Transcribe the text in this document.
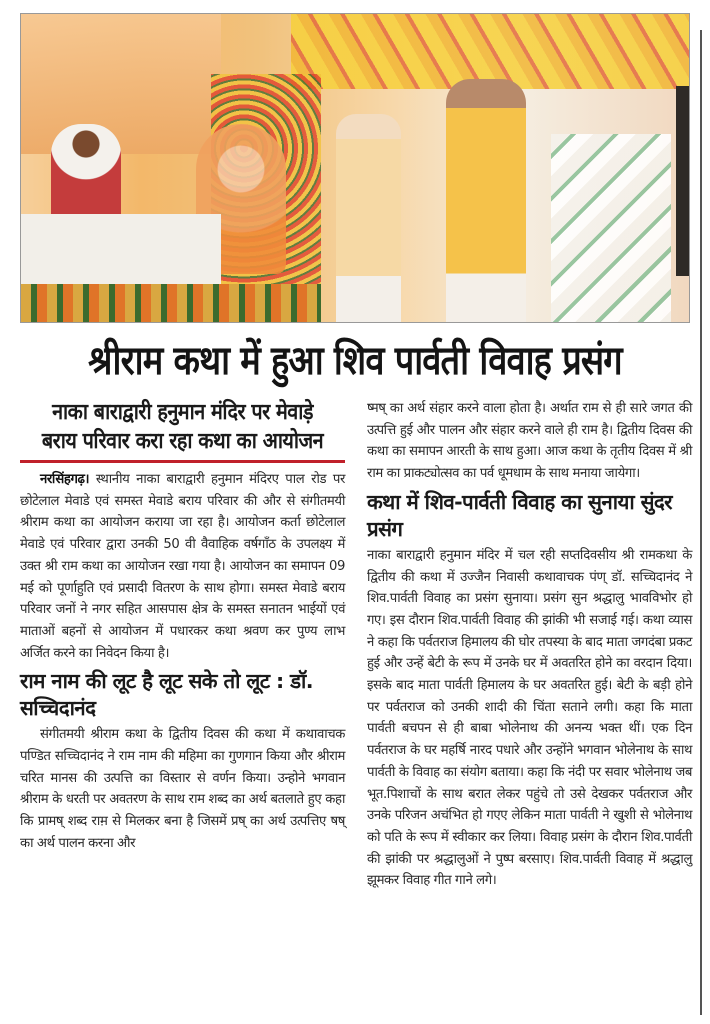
श्रीराम कथा में हुआ शिव पार्वती विवाह प्रसंग
नाका बाराद्वारी हनुमान मंदिर पर मेवाड़े बराय परिवार करा रहा कथा का आयोजन

नरसिंहगढ़। स्थानीय नाका बाराद्वारी हनुमान मंदिरए पाल रोड पर छोटेलाल मेवाडे एवं समस्त मेवाडे बराय परिवार की और से संगीतमयी श्रीराम कथा का आयोजन कराया जा रहा है। आयोजन कर्ता छोटेलाल मेवाडे एवं परिवार द्वारा उनकी 50 वी वैवाहिक वर्षगाँठ के उपलक्ष्य में उक्त श्री राम कथा का आयोजन रखा गया है। आयोजन का समापन 09 मई को पूर्णाहुति एवं प्रसादी वितरण के साथ होगा। समस्त मेवाडे बराय परिवार जनों ने नगर सहित आसपास क्षेत्र के समस्त सनातन भाईयों एवं माताओं बहनों से आयोजन में पधारकर कथा श्रवण कर पुण्य लाभ अर्जित करने का निवेदन किया है।

राम नाम की लूट है लूट सके तो लूट : डॉ. सच्चिदानंद

संगीतमयी श्रीराम कथा के द्वितीय दिवस की कथा में कथावाचक पण्डित सच्चिदानंद ने राम नाम की महिमा का गुणगान किया और श्रीराम चरित मानस की उत्पत्ति का विस्तार से वर्णन किया। उन्होने भगवान श्रीराम के धरती पर अवतरण के साथ राम शब्द का अर्थ बतलाते हुए कहा कि प्रामष् शब्द राम़ से मिलकर बना है जिसमें प्रष् का अर्थ उत्पत्तिए षष् का अर्थ पालन करना और

ष्मष् का अर्थ संहार करने वाला होता है। अर्थात राम से ही सारे जगत की उत्पत्ति हुई और पालन और संहार करने वाले ही राम है। द्वितीय दिवस की कथा का समापन आरती के साथ हुआ। आज कथा के तृतीय दिवस में श्री राम का प्राकट्योत्सव का पर्व धूमधाम के साथ मनाया जायेगा।

कथा में शिव-पार्वती विवाह का सुनाया सुंदर प्रसंग

नाका बाराद्वारी हनुमान मंदिर में चल रही सप्तदिवसीय श्री रामकथा के द्वितीय की कथा में उज्जैन निवासी कथावाचक पंण् डॉ. सच्चिदानंद ने शिव.पार्वती विवाह का प्रसंग सुनाया। प्रसंग सुन श्रद्धालु भावविभोर हो गए। इस दौरान शिव.पार्वती विवाह की झांकी भी सजाई गई। कथा व्यास ने कहा कि पर्वतराज हिमालय की घोर तपस्या के बाद माता जगदंबा प्रकट हुई और उन्हें बेटी के रूप में उनके घर में अवतरित होने का वरदान दिया। इसके बाद माता पार्वती हिमालय के घर अवतरित हुई। बेटी के बड़ी होने पर पर्वतराज को उनकी शादी की चिंता सताने लगी। कहा कि माता पार्वती बचपन से ही बाबा भोलेनाथ की अनन्य भक्त थीं। एक दिन पर्वतराज के घर महर्षि नारद पधारे और उन्होंने भगवान भोलेनाथ के साथ पार्वती के विवाह का संयोग बताया। कहा कि नंदी पर सवार भोलेनाथ जब भूत.पिशाचों के साथ बरात लेकर पहुंचे तो उसे देखकर पर्वतराज और उनके परिजन अचंभित हो गएए लेकिन माता पार्वती ने खुशी से भोलेनाथ को पति के रूप में स्वीकार कर लिया। विवाह प्रसंग के दौरान शिव.पार्वती की झांकी पर श्रद्धालुओं ने पुष्प बरसाए। शिव.पार्वती विवाह में श्रद्धालु झूमकर विवाह गीत गाने लगे।
